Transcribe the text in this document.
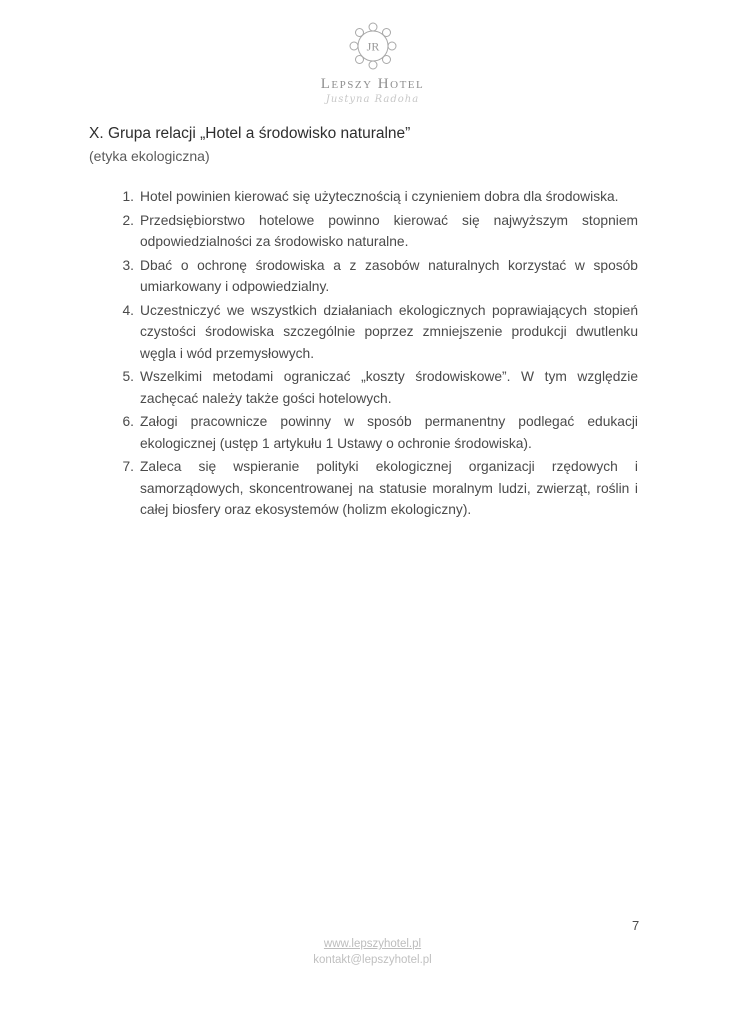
JR
Lepszy Hotel
Justyna Radoha
X. Grupa relacji „Hotel a środowisko naturalne”

(etyka ekologiczna)

1. Hotel powinien kierować się użytecznością i czynieniem dobra dla środowiska.
2. Przedsiębiorstwo hotelowe powinno kierować się najwyższym stopniem odpowiedzialności za środowisko naturalne.
3. Dbać o ochronę środowiska a z zasobów naturalnych korzystać w sposób umiarkowany i odpowiedzialny.
4. Uczestniczyć we wszystkich działaniach ekologicznych poprawiających stopień czystości środowiska szczególnie poprzez zmniejszenie produkcji dwutlenku węgla i wód przemysłowych.
5. Wszelkimi metodami ograniczać „koszty środowiskowe”. W tym względzie zachęcać należy także gości hotelowych.
6. Załogi pracownicze powinny w sposób permanentny podlegać edukacji ekologicznej (ustęp 1 artykułu 1 Ustawy o ochronie środowiska).
7. Zaleca się wspieranie polityki ekologicznej organizacji rzędowych i samorządowych, skoncentrowanej na statusie moralnym ludzi, zwierząt, roślin i całej biosfery oraz ekosystemów (holizm ekologiczny).
7
www.lepszyhotel.pl
kontakt@lepszyhotel.pl
